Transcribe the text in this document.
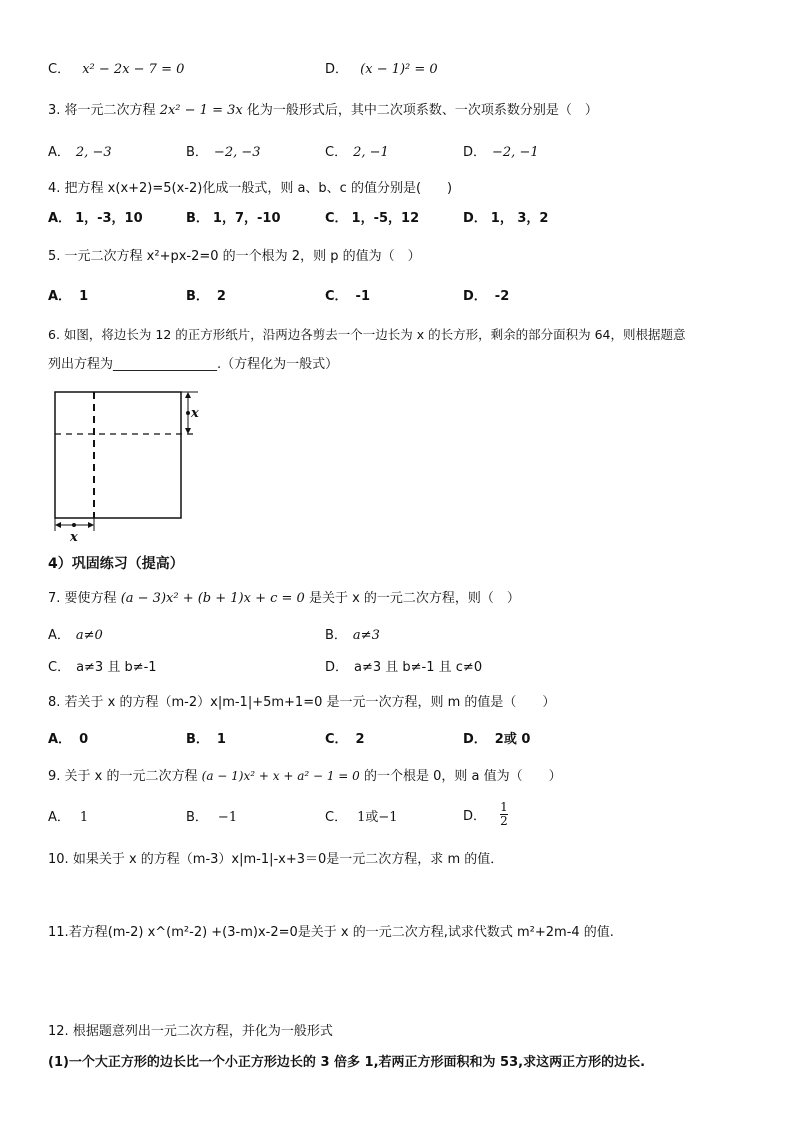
C． x² − 2x − 7 = 0	D． (x − 1)² = 0
3. 将一元二次方程 2x² − 1 = 3x 化为一般形式后，其中二次项系数、一次项系数分别是（　）
A． 2, −3	B． −2, −3	C． 2, −1	D． −2, −1
4. 把方程 x(x+2)=5(x-2)化成一般式，则 a、b、c 的值分别是(　　)
A． 1，-3，10	B． 1，7，-10	C． 1，-5，12	D． 1， 3，2
5. 一元二次方程 x²+px-2=0 的一个根为 2，则 p 的值为（　）
A． 1	B． 2	C． -1	D． -2
6. 如图，将边长为 12 的正方形纸片，沿两边各剪去一个一边长为 x 的长方形，剩余的部分面积为 64，则根据题意
列出方程为________________.（方程化为一般式）
x
x
4）巩固练习（提高）
7. 要使方程 (a − 3)x² + (b + 1)x + c = 0 是关于 x 的一元二次方程，则（　）
A． a≠0	B． a≠3
C． a≠3 且 b≠-1	D． a≠3 且 b≠-1 且 c≠0
8. 若关于 x 的方程（m-2）x|m-1|+5m+1=0 是一元一次方程，则 m 的值是（　　）
A． 0	B． 1	C． 2	D． 2或 0
9. 关于 x 的一元二次方程 (a − 1)x² + x + a² − 1 = 0 的一个根是 0，则 a 值为（　　）
A． 1	B． −1	C． 1或−1	D． $\frac{1}{2}$
10. 如果关于 x 的方程（m-3）x|m-1|-x+3＝0是一元二次方程，求 m 的值．
11.若方程(m-2) x^(m²-2) +(3-m)x-2=0是关于 x 的一元二次方程,试求代数式 m²+2m-4 的值.
12. 根据题意列出一元二次方程，并化为一般形式
(1)一个大正方形的边长比一个小正方形边长的 3 倍多 1,若两正方形面积和为 53,求这两正方形的边长.
